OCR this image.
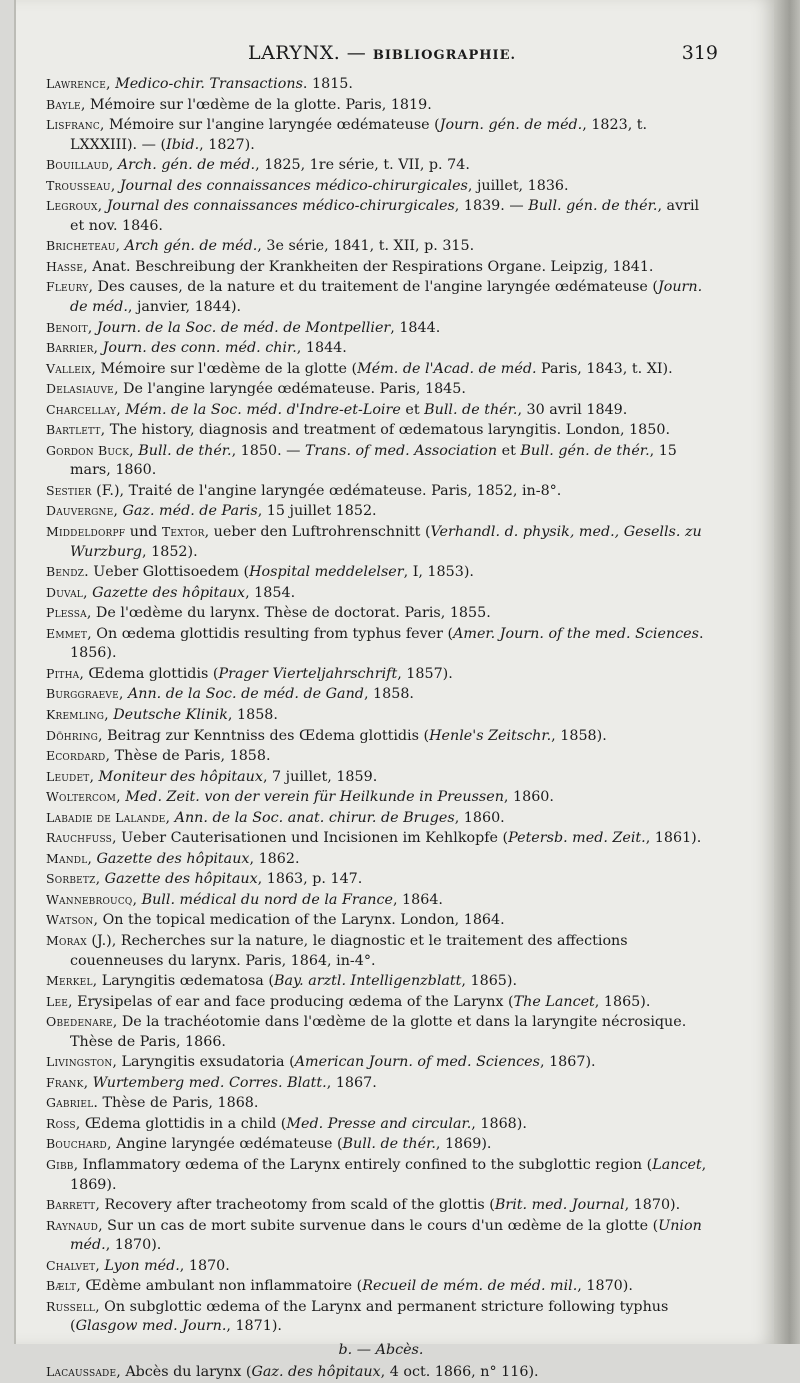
LARYNX. — BIBLIOGRAPHIE.	319
Lawrence, Medico-chir. Transactions. 1815.
Bayle, Mémoire sur l'œdème de la glotte. Paris, 1819.
Lisfranc, Mémoire sur l'angine laryngée œdémateuse (Journ. gén. de méd., 1823, t. LXXXIII). — (Ibid., 1827).
Bouillaud, Arch. gén. de méd., 1825, 1re série, t. VII, p. 74.
Trousseau, Journal des connaissances médico-chirurgicales, juillet, 1836.
Legroux, Journal des connaissances médico-chirurgicales, 1839. — Bull. gén. de thér., avril et nov. 1846.
Bricheteau, Arch gén. de méd., 3e série, 1841, t. XII, p. 315.
Hasse, Anat. Beschreibung der Krankheiten der Respirations Organe. Leipzig, 1841.
Fleury, Des causes, de la nature et du traitement de l'angine laryngée œdémateuse (Journ. de méd., janvier, 1844).
Benoit, Journ. de la Soc. de méd. de Montpellier, 1844.
Barrier, Journ. des conn. méd. chir., 1844.
Valleix, Mémoire sur l'œdème de la glotte (Mém. de l'Acad. de méd. Paris, 1843, t. XI).
Delasiauve, De l'angine laryngée œdémateuse. Paris, 1845.
Charcellay, Mém. de la Soc. méd. d'Indre-et-Loire et Bull. de thér., 30 avril 1849.
Bartlett, The history, diagnosis and treatment of œdematous laryngitis. London, 1850.
Gordon Buck, Bull. de thér., 1850. — Trans. of med. Association et Bull. gén. de thér., 15 mars, 1860.
Sestier (F.), Traité de l'angine laryngée œdémateuse. Paris, 1852, in-8°.
Dauvergne, Gaz. méd. de Paris, 15 juillet 1852.
Middeldorpf und Textor, ueber den Luftrohrenschnitt (Verhandl. d. physik, med., Gesells. zu Wurzburg, 1852).
Bendz. Ueber Glottisoedem (Hospital meddelelser, I, 1853).
Duval, Gazette des hôpitaux, 1854.
Plessa, De l'œdème du larynx. Thèse de doctorat. Paris, 1855.
Emmet, On œdema glottidis resulting from typhus fever (Amer. Journ. of the med. Sciences. 1856).
Pitha, Œdema glottidis (Prager Vierteljahrschrift, 1857).
Burggraeve, Ann. de la Soc. de méd. de Gand, 1858.
Kremling, Deutsche Klinik, 1858.
Döhring, Beitrag zur Kenntniss des Œdema glottidis (Henle's Zeitschr., 1858).
Ecordard, Thèse de Paris, 1858.
Leudet, Moniteur des hôpitaux, 7 juillet, 1859.
Woltercom, Med. Zeit. von der verein für Heilkunde in Preussen, 1860.
Labadie de Lalande, Ann. de la Soc. anat. chirur. de Bruges, 1860.
Rauchfuss, Ueber Cauterisationen und Incisionen im Kehlkopfe (Petersb. med. Zeit., 1861).
Mandl, Gazette des hôpitaux, 1862.
Sorbetz, Gazette des hôpitaux, 1863, p. 147.
Wannebroucq, Bull. médical du nord de la France, 1864.
Watson, On the topical medication of the Larynx. London, 1864.
Morax (J.), Recherches sur la nature, le diagnostic et le traitement des affections couenneuses du larynx. Paris, 1864, in-4°.
Merkel, Laryngitis œdematosa (Bay. arztl. Intelligenzblatt, 1865).
Lee, Erysipelas of ear and face producing œdema of the Larynx (The Lancet, 1865).
Obedenare, De la trachéotomie dans l'œdème de la glotte et dans la laryngite nécrosique. Thèse de Paris, 1866.
Livingston, Laryngitis exsudatoria (American Journ. of med. Sciences, 1867).
Frank, Wurtemberg med. Corres. Blatt., 1867.
Gabriel. Thèse de Paris, 1868.
Ross, Œdema glottidis in a child (Med. Presse and circular., 1868).
Bouchard, Angine laryngée œdémateuse (Bull. de thér., 1869).
Gibb, Inflammatory œdema of the Larynx entirely confined to the subglottic region (Lancet, 1869).
Barrett, Recovery after tracheotomy from scald of the glottis (Brit. med. Journal, 1870).
Raynaud, Sur un cas de mort subite survenue dans le cours d'un œdème de la glotte (Union méd., 1870).
Chalvet, Lyon méd., 1870.
Bælt, Œdème ambulant non inflammatoire (Recueil de mém. de méd. mil., 1870).
Russell, On subglottic œdema of the Larynx and permanent stricture following typhus (Glasgow med. Journ., 1871).
b. — Abcès.
Lacaussade, Abcès du larynx (Gaz. des hôpitaux, 4 oct. 1866, n° 116).
